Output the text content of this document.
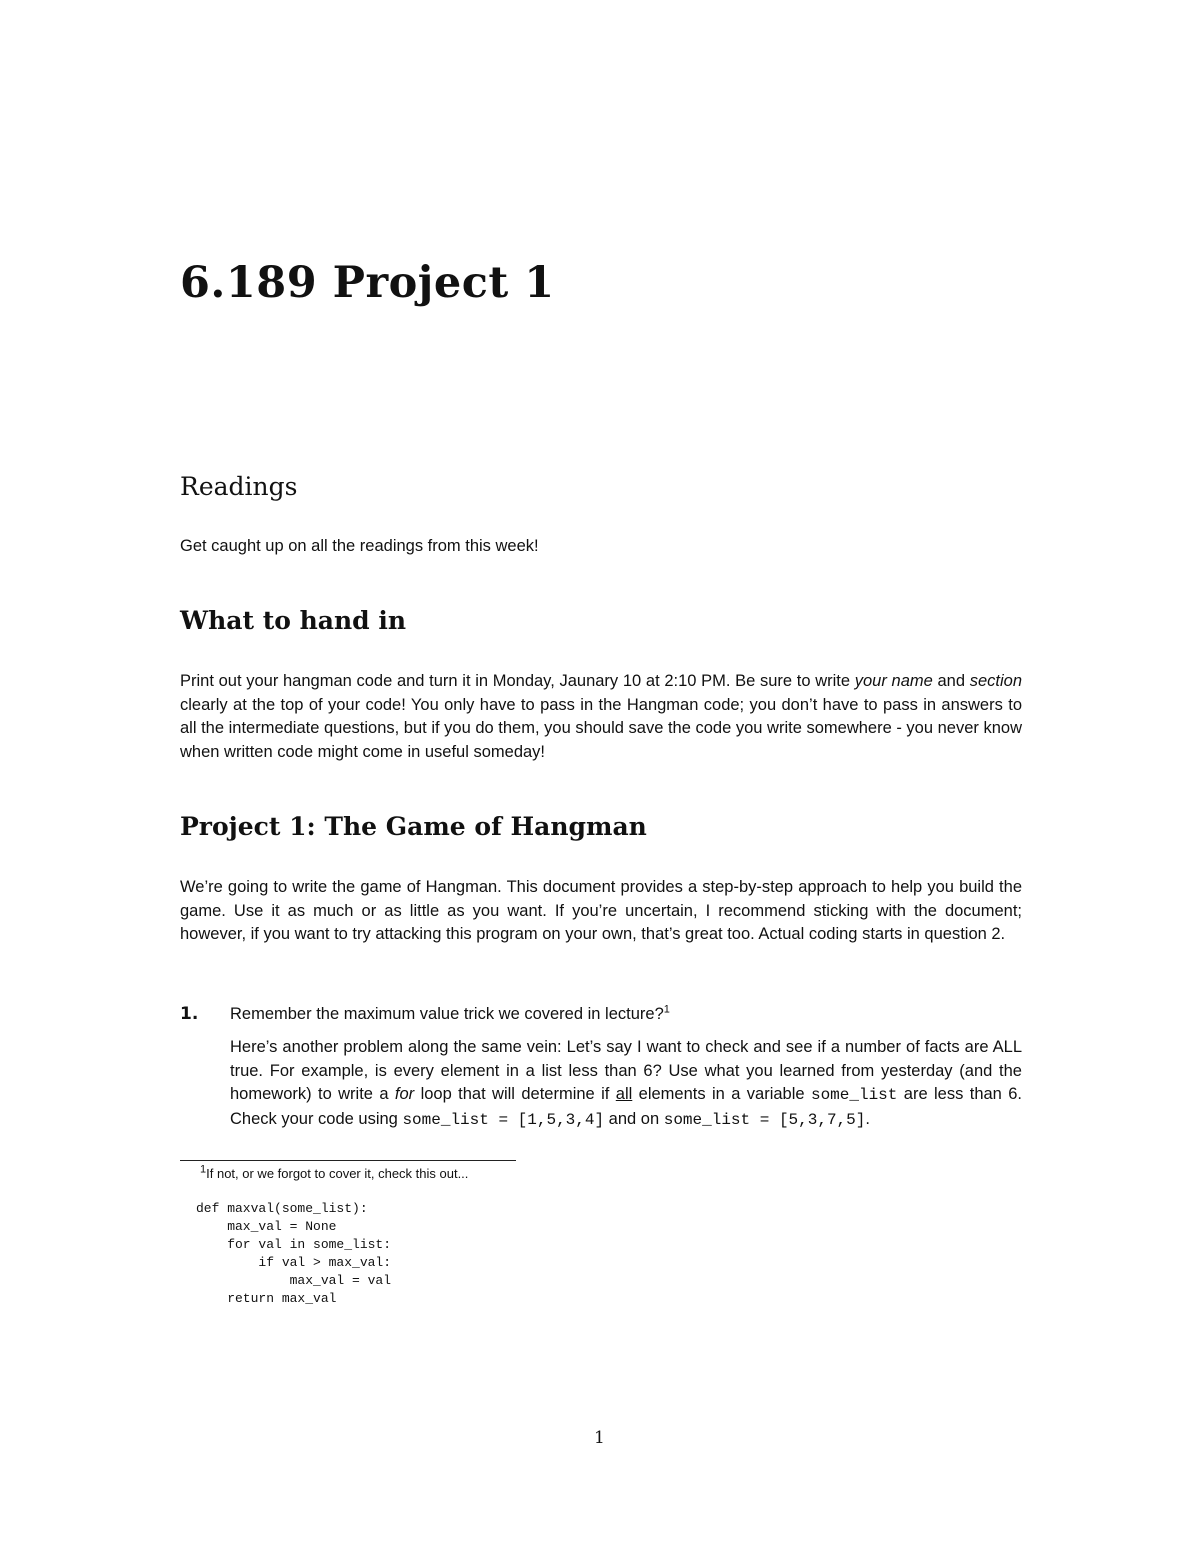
6.189 Project 1
Readings

Get caught up on all the readings from this week!

What to hand in

Print out your hangman code and turn it in Monday, Jaunary 10 at 2:10 PM. Be sure to write your name and section clearly at the top of your code! You only have to pass in the Hangman code; you don’t have to pass in answers to all the intermediate questions, but if you do them, you should save the code you write somewhere - you never know when written code might come in useful someday!

Project 1: The Game of Hangman

We’re going to write the game of Hangman. This document provides a step-by-step approach to help you build the game. Use it as much or as little as you want. If you’re uncertain, I recommend sticking with the document; however, if you want to try attacking this program on your own, that’s great too. Actual coding starts in question 2.

1. Remember the maximum value trick we covered in lecture?$^1$

Here’s another problem along the same vein: Let’s say I want to check and see if a number of facts are ALL true. For example, is every element in a list less than 6? Use what you learned from yesterday (and the homework) to write a for loop that will determine if all elements in a variable some_list are less than 6. Check your code using some_list = [1,5,3,4] and on some_list = [5,3,7,5].

$^1$If not, or we forgot to cover it, check this out...

def maxval(some_list):
max_val = None
for val in some_list:
if val > max_val:
max_val = val
return max_val
1
